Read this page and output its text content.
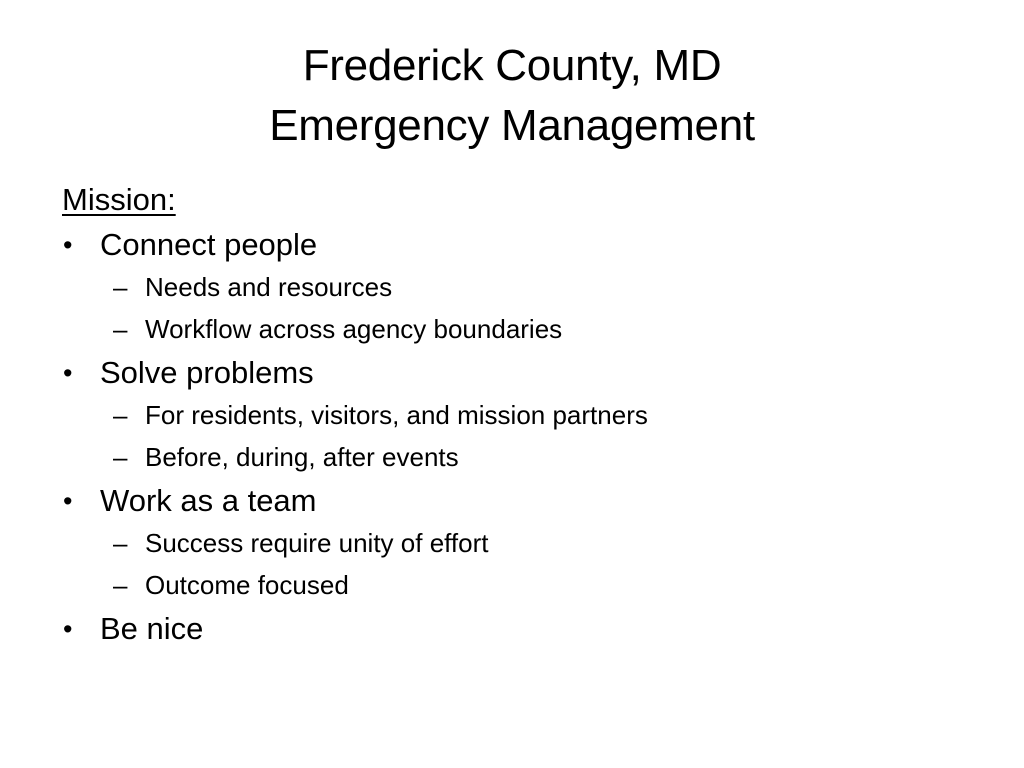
Frederick County, MD
Emergency Management
Mission:
• Connect people
– Needs and resources
– Workflow across agency boundaries
• Solve problems
– For residents, visitors, and mission partners
– Before, during, after events
• Work as a team
– Success require unity of effort
– Outcome focused
• Be nice
